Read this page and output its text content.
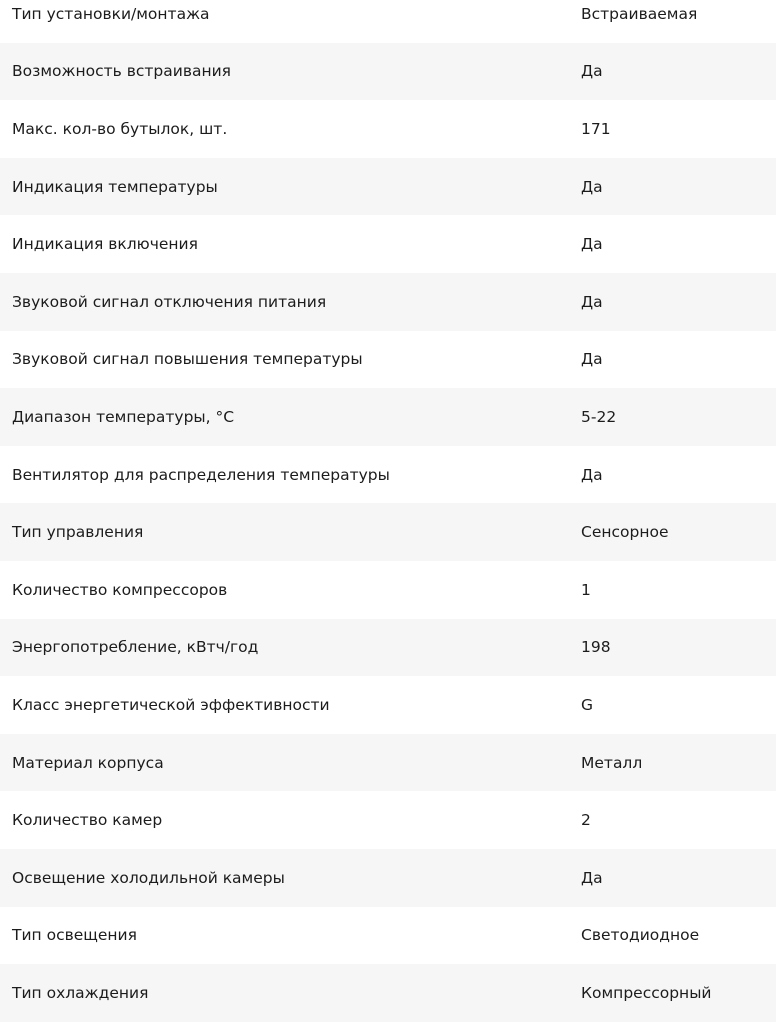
Тип установки/монтажа	Встраиваемая
Возможность встраивания	Да
Макс. кол-во бутылок, шт.	171
Индикация температуры	Да
Индикация включения	Да
Звуковой сигнал отключения питания	Да
Звуковой сигнал повышения температуры	Да
Диапазон температуры, °C	5-22
Вентилятор для распределения температуры	Да
Тип управления	Сенсорное
Количество компрессоров	1
Энергопотребление, кВтч/год	198
Класс энергетической эффективности	G
Материал корпуса	Металл
Количество камер	2
Освещение холодильной камеры	Да
Тип освещения	Светодиодное
Тип охлаждения	Компрессорный
